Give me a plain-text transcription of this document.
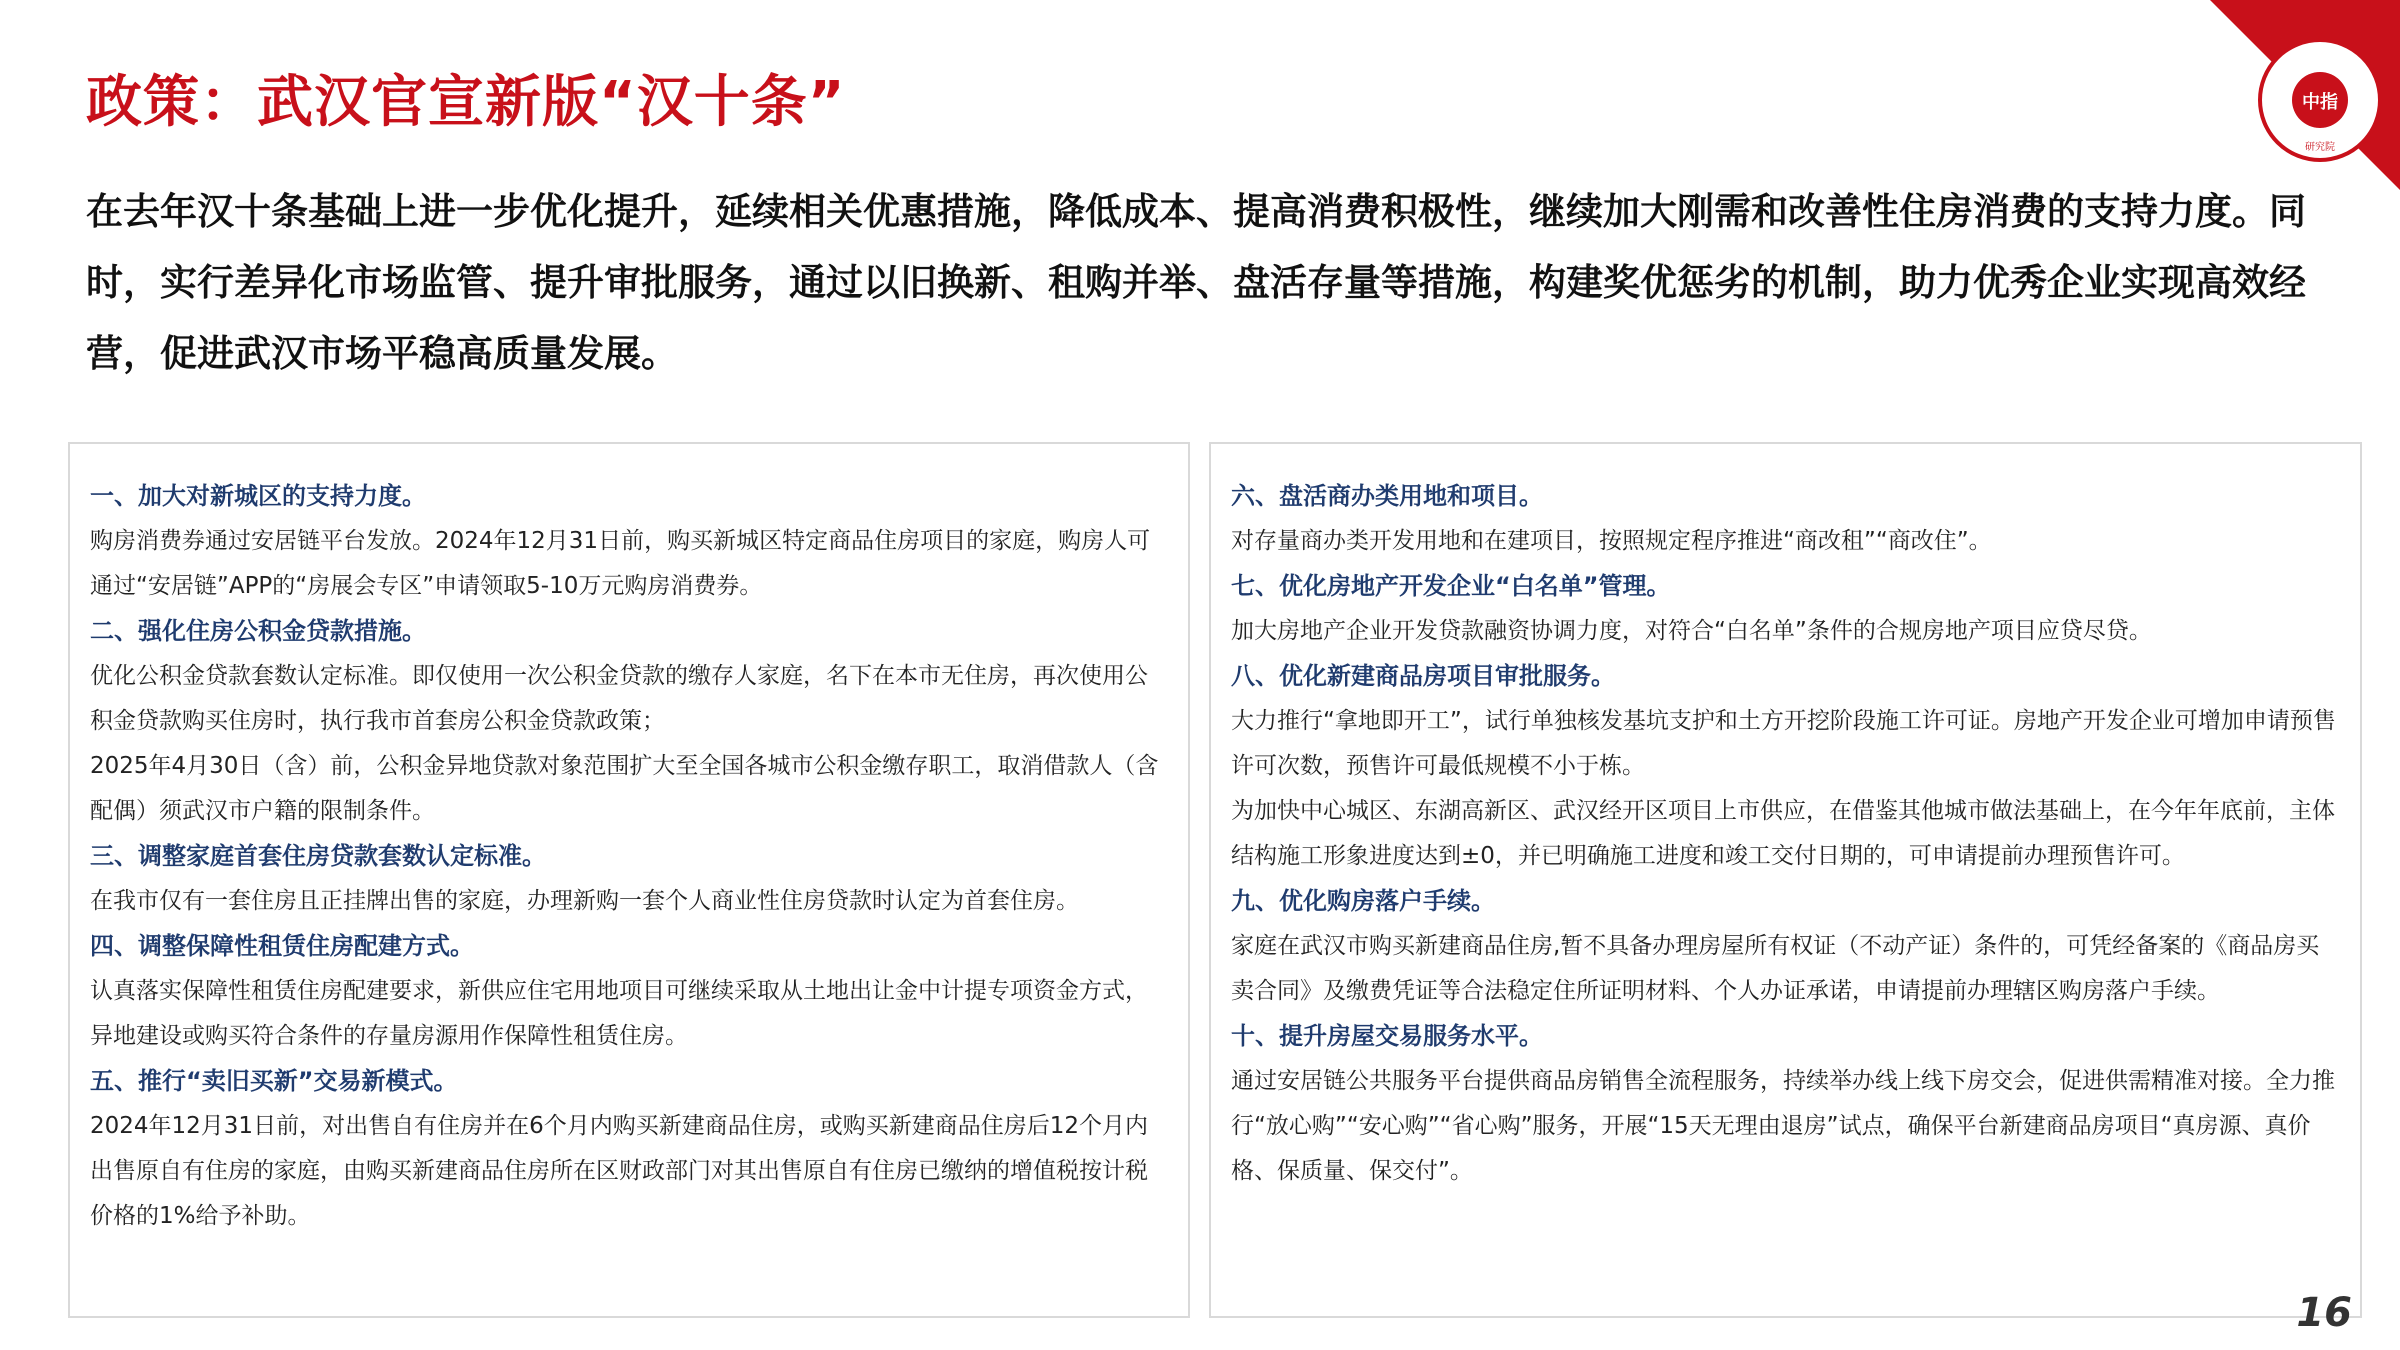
中指
研究院
政策：武汉官宣新版“汉十条”

在去年汉十条基础上进一步优化提升，延续相关优惠措施，降低成本、提高消费积极性，继续加大刚需和改善性住房消费的支持力度。同时，实行差异化市场监管、提升审批服务，通过以旧换新、租购并举、盘活存量等措施，构建奖优惩劣的机制，助力优秀企业实现高效经营，促进武汉市场平稳高质量发展。

一、加大对新城区的支持力度。

购房消费券通过安居链平台发放。2024年12月31日前，购买新城区特定商品住房项目的家庭，购房人可通过“安居链”APP的“房展会专区”申请领取5-10万元购房消费券。

二、强化住房公积金贷款措施。

优化公积金贷款套数认定标准。即仅使用一次公积金贷款的缴存人家庭，名下在本市无住房，再次使用公积金贷款购买住房时，执行我市首套房公积金贷款政策；

2025年4月30日（含）前，公积金异地贷款对象范围扩大至全国各城市公积金缴存职工，取消借款人（含配偶）须武汉市户籍的限制条件。

三、调整家庭首套住房贷款套数认定标准。

在我市仅有一套住房且正挂牌出售的家庭，办理新购一套个人商业性住房贷款时认定为首套住房。

四、调整保障性租赁住房配建方式。

认真落实保障性租赁住房配建要求，新供应住宅用地项目可继续采取从土地出让金中计提专项资金方式，异地建设或购买符合条件的存量房源用作保障性租赁住房。

五、推行“卖旧买新”交易新模式。

2024年12月31日前，对出售自有住房并在6个月内购买新建商品住房，或购买新建商品住房后12个月内出售原自有住房的家庭，由购买新建商品住房所在区财政部门对其出售原自有住房已缴纳的增值税按计税价格的1%给予补助。

六、盘活商办类用地和项目。

对存量商办类开发用地和在建项目，按照规定程序推进“商改租”“商改住”。

七、优化房地产开发企业“白名单”管理。

加大房地产企业开发贷款融资协调力度，对符合“白名单”条件的合规房地产项目应贷尽贷。

八、优化新建商品房项目审批服务。

大力推行“拿地即开工”，试行单独核发基坑支护和土方开挖阶段施工许可证。房地产开发企业可增加申请预售许可次数，预售许可最低规模不小于栋。

为加快中心城区、东湖高新区、武汉经开区项目上市供应，在借鉴其他城市做法基础上，在今年年底前，主体结构施工形象进度达到±0，并已明确施工进度和竣工交付日期的，可申请提前办理预售许可。

九、优化购房落户手续。

家庭在武汉市购买新建商品住房,暂不具备办理房屋所有权证（不动产证）条件的，可凭经备案的《商品房买卖合同》及缴费凭证等合法稳定住所证明材料、个人办证承诺，申请提前办理辖区购房落户手续。

十、提升房屋交易服务水平。

通过安居链公共服务平台提供商品房销售全流程服务，持续举办线上线下房交会，促进供需精准对接。全力推行“放心购”“安心购”“省心购”服务，开展“15天无理由退房”试点，确保平台新建商品房项目“真房源、真价格、保质量、保交付”。

16
